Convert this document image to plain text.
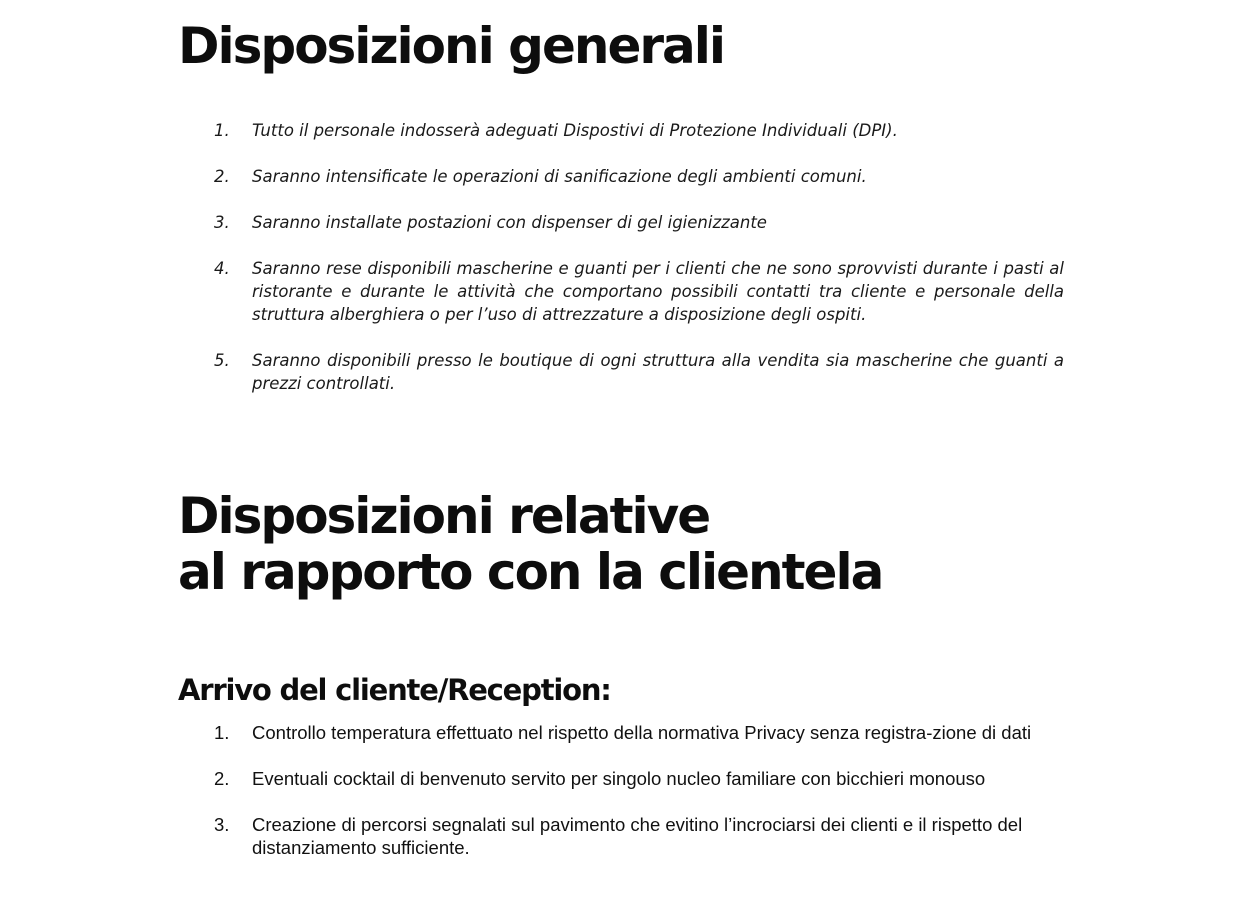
Disposizioni generali
1. Tutto il personale indosserà adeguati Dispostivi di Protezione Individuali (DPI).
2. Saranno intensificate le operazioni di sanificazione degli ambienti comuni.
3. Saranno installate postazioni con dispenser di gel igienizzante
4. Saranno rese disponibili mascherine e guanti per i clienti che ne sono sprovvisti durante i pasti al ristorante e durante le attività che comportano possibili contatti tra cliente e personale della struttura alberghiera o per l’uso di attrezzature a disposizione degli ospiti.
5. Saranno disponibili presso le boutique di ogni struttura alla vendita sia mascherine che guanti a prezzi controllati.
Disposizioni relative
al rapporto con la clientela
Arrivo del cliente/Reception:
1. Controllo temperatura effettuato nel rispetto della normativa Privacy senza registra-zione di dati
2. Eventuali cocktail di benvenuto servito per singolo nucleo familiare con bicchieri monouso
3. Creazione di percorsi segnalati sul pavimento che evitino l’incrociarsi dei clienti e il rispetto del distanziamento sufficiente.
